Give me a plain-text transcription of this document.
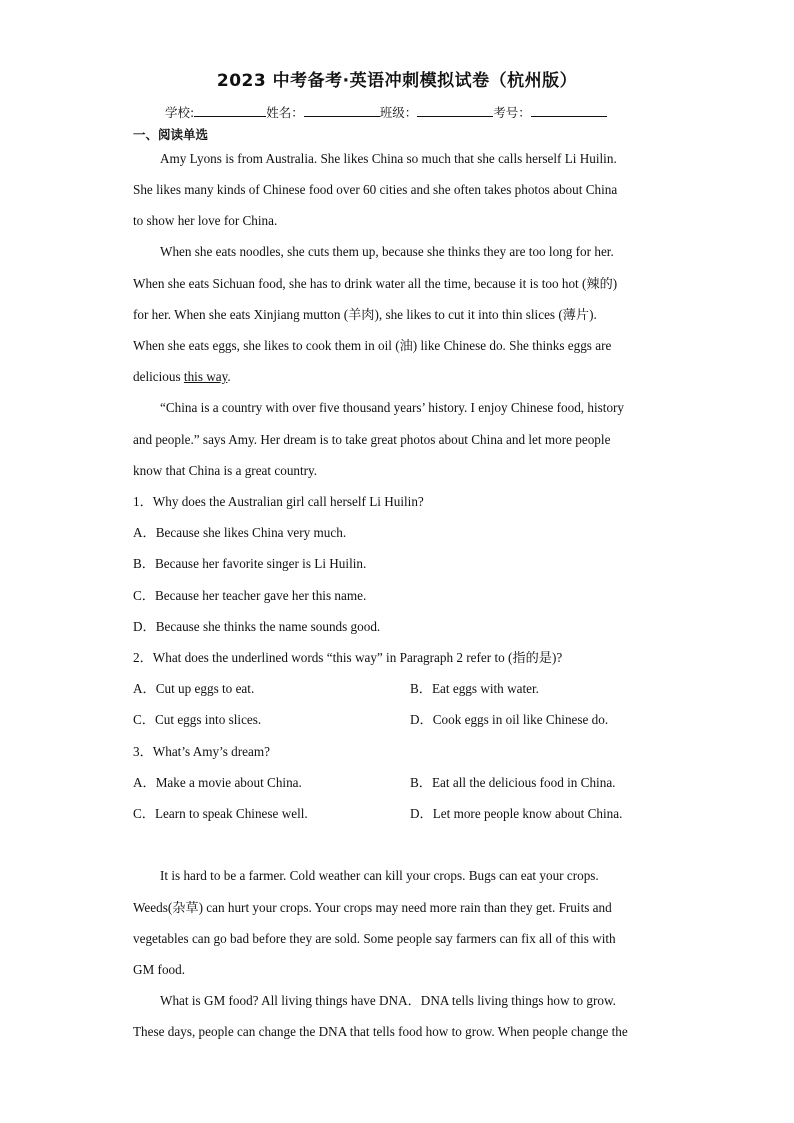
2023 中考备考·英语冲刺模拟试卷（杭州版）
学校:	姓名：	班级：	考号：
一、阅读单选
Amy Lyons is from Australia. She likes China so much that she calls herself Li Huilin.
She likes many kinds of Chinese food over 60 cities and she often takes photos about China
to show her love for China.
When she eats noodles, she cuts them up, because she thinks they are too long for her.
When she eats Sichuan food, she has to drink water all the time, because it is too hot (辣的)
for her. When she eats Xinjiang mutton (羊肉), she likes to cut it into thin slices (薄片).
When she eats eggs, she likes to cook them in oil (油) like Chinese do. She thinks eggs are
delicious this way.
“China is a country with over five thousand years’ history. I enjoy Chinese food, history
and people.” says Amy. Her dream is to take great photos about China and let more people
know that China is a great country.
1．Why does the Australian girl call herself Li Huilin?
A．Because she likes China very much.
B．Because her favorite singer is Li Huilin.
C．Because her teacher gave her this name.
D．Because she thinks the name sounds good.
2．What does the underlined words “this way” in Paragraph 2 refer to (指的是)?
A．Cut up eggs to eat.	B．Eat eggs with water.
C．Cut eggs into slices.	D．Cook eggs in oil like Chinese do.
3．What’s Amy’s dream?
A．Make a movie about China.	B．Eat all the delicious food in China.
C．Learn to speak Chinese well.	D．Let more people know about China.
It is hard to be a farmer. Cold weather can kill your crops. Bugs can eat your crops.
Weeds(杂草) can hurt your crops. Your crops may need more rain than they get. Fruits and
vegetables can go bad before they are sold. Some people say farmers can fix all of this with
GM food.
What is GM food? All living things have DNA．DNA tells living things how to grow.
These days, people can change the DNA that tells food how to grow. When people change the
